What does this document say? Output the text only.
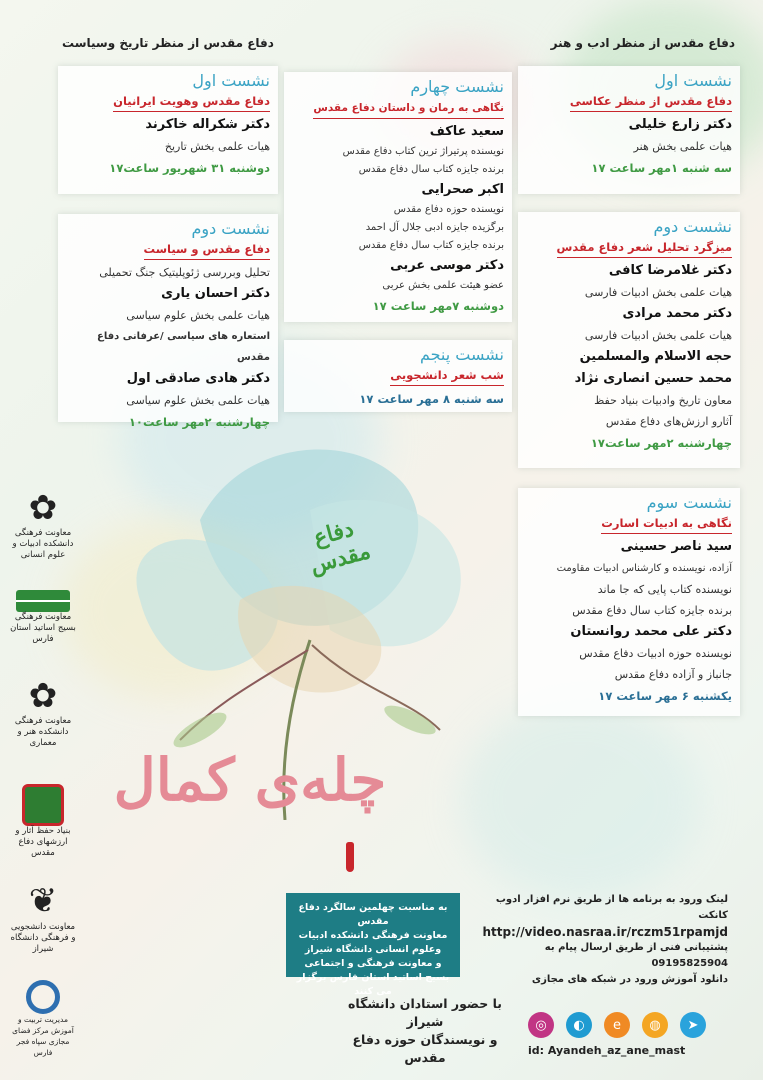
دفاع مقدس از منظر تاریخ وسیاست	دفاع مقدس از منظر ادب و هنر
نشست اول
دفاع مقدس وهویت ایرانیان
دکتر شکراله خاکرند
هیات علمی بخش تاریخ
دوشنبه ۳۱ شهریور ساعت۱۷
نشست دوم
دفاع مقدس و سیاست
تحلیل وبررسی ژئوپلیتیک جنگ تحمیلی
دکتر احسان یاری
هیات علمی بخش علوم سیاسی
استعاره های سیاسی /عرفانی دفاع مقدس
دکتر هادی صادقی اول
هیات علمی بخش علوم سیاسی
چهارشنبه ۲مهر ساعت۱۰
نشست چهارم
نگاهی به رمان و داستان دفاع مقدس
سعید عاکف
نویسنده پرتیراژ ترین کتاب دفاع مقدس
برنده جایزه کتاب سال دفاع مقدس
اکبر صحرایی
نویسنده حوزه دفاع مقدس
برگزیده جایزه ادبی جلال آل احمد
برنده جایزه کتاب سال دفاع مقدس
دکتر موسی عربی
عضو هیئت علمی بخش عربی
دوشنبه ۷مهر ساعت ۱۷
نشست پنجم
شب شعر دانشجویی
سه شنبه ۸ مهر ساعت ۱۷
نشست اول
دفاع مقدس از منظر عکاسی
دکتر زارع خلیلی
هیات علمی بخش هنر
سه شنبه ۱مهر ساعت ۱۷
نشست دوم
میزگرد تحلیل شعر دفاع مقدس
دکتر غلامرضا کافی
هیات علمی بخش ادبیات فارسی
دکتر محمد مرادی
هیات علمی بخش ادبیات فارسی
حجه الاسلام والمسلمین
محمد حسین انصاری نژاد
معاون تاریخ وادبیات بنیاد حفظ
آثارو ارزش‌های دفاع مقدس
چهارشنبه ۲مهر ساعت۱۷
نشست سوم
نگاهی به ادبیات اسارت
سید ناصر حسینی
آزاده، نویسنده و کارشناس ادبیات مقاومت
نویسنده کتاب پایی که جا ماند
برنده جایزه کتاب سال دفاع مقدس
دکتر علی محمد روانستان
نویسنده حوزه ادبیات دفاع مقدس
جانباز و آزاده دفاع مقدس
یکشنبه ۶ مهر ساعت ۱۷
دفاع مقدس
چله‌ی کمال
✿
معاونت فرهنگی دانشکده ادبیات و علوم انسانی
معاونت فرهنگی بسیج اساتید استان فارس
✿
معاونت فرهنگی دانشکده هنر و معماری
بنیاد حفظ آثار و ارزشهای دفاع مقدس
❦
معاونت دانشجویی و فرهنگی دانشگاه شیراز
مدیریت تربیت و آموزش مرکز فضای مجازی سپاه فجر فارس
به مناسبت چهلمین سالگرد دفاع مقدس
معاونت فرهنگی دانشکده ادبیات وعلوم انسانی دانشگاه شیراز
و معاونت فرهنگی و اجتماعی بسیج اساتید استان فارس برگزار می کنند
با حضور استادان دانشگاه شیراز
و نویسندگان حوزه دفاع مقدس
لینک ورود به برنامه ها از طریق نرم افزار ادوب کانکت
http://video.nasraa.ir/rczm51rpamjd
پشتیبانی فنی از طریق ارسال پیام به 09195825904
دانلود آموزش ورود در شبکه های مجازی
◎	◐	e	◍	➤
id: Ayandeh_az_ane_mast
